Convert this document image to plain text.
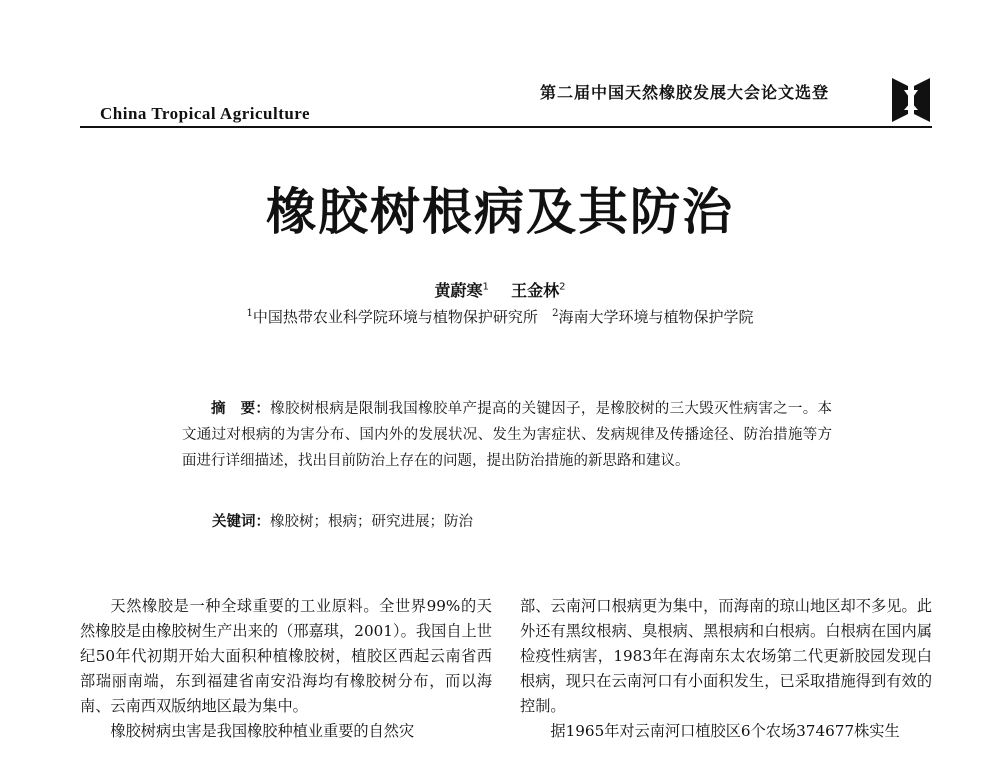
第二届中国天然橡胶发展大会论文选登
China Tropical Agriculture
橡胶树根病及其防治
黄蔚寒$^1$ 王金林$^2$
$^1$中国热带农业科学院环境与植物保护研究所 $^2$海南大学环境与植物保护学院

摘　要：橡胶树根病是限制我国橡胶单产提高的关键因子，是橡胶树的三大毁灭性病害之一。本文通过对根病的为害分布、国内外的发展状况、发生为害症状、发病规律及传播途径、防治措施等方面进行详细描述，找出目前防治上存在的问题，提出防治措施的新思路和建议。

关键词：橡胶树；根病；研究进展；防治

天然橡胶是一种全球重要的工业原料。全世界99%的天然橡胶是由橡胶树生产出来的（邢嘉琪，2001）。我国自上世纪50年代初期开始大面积种植橡胶树，植胶区西起云南省西部瑞丽南端，东到福建省南安沿海均有橡胶树分布，而以海南、云南西双版纳地区最为集中。

橡胶树病虫害是我国橡胶种植业重要的自然灾

部、云南河口根病更为集中，而海南的琼山地区却不多见。此外还有黑纹根病、臭根病、黑根病和白根病。白根病在国内属检疫性病害，1983年在海南东太农场第二代更新胶园发现白根病，现只在云南河口有小面积发生，已采取措施得到有效的控制。

据1965年对云南河口植胶区6个农场374677株实生
